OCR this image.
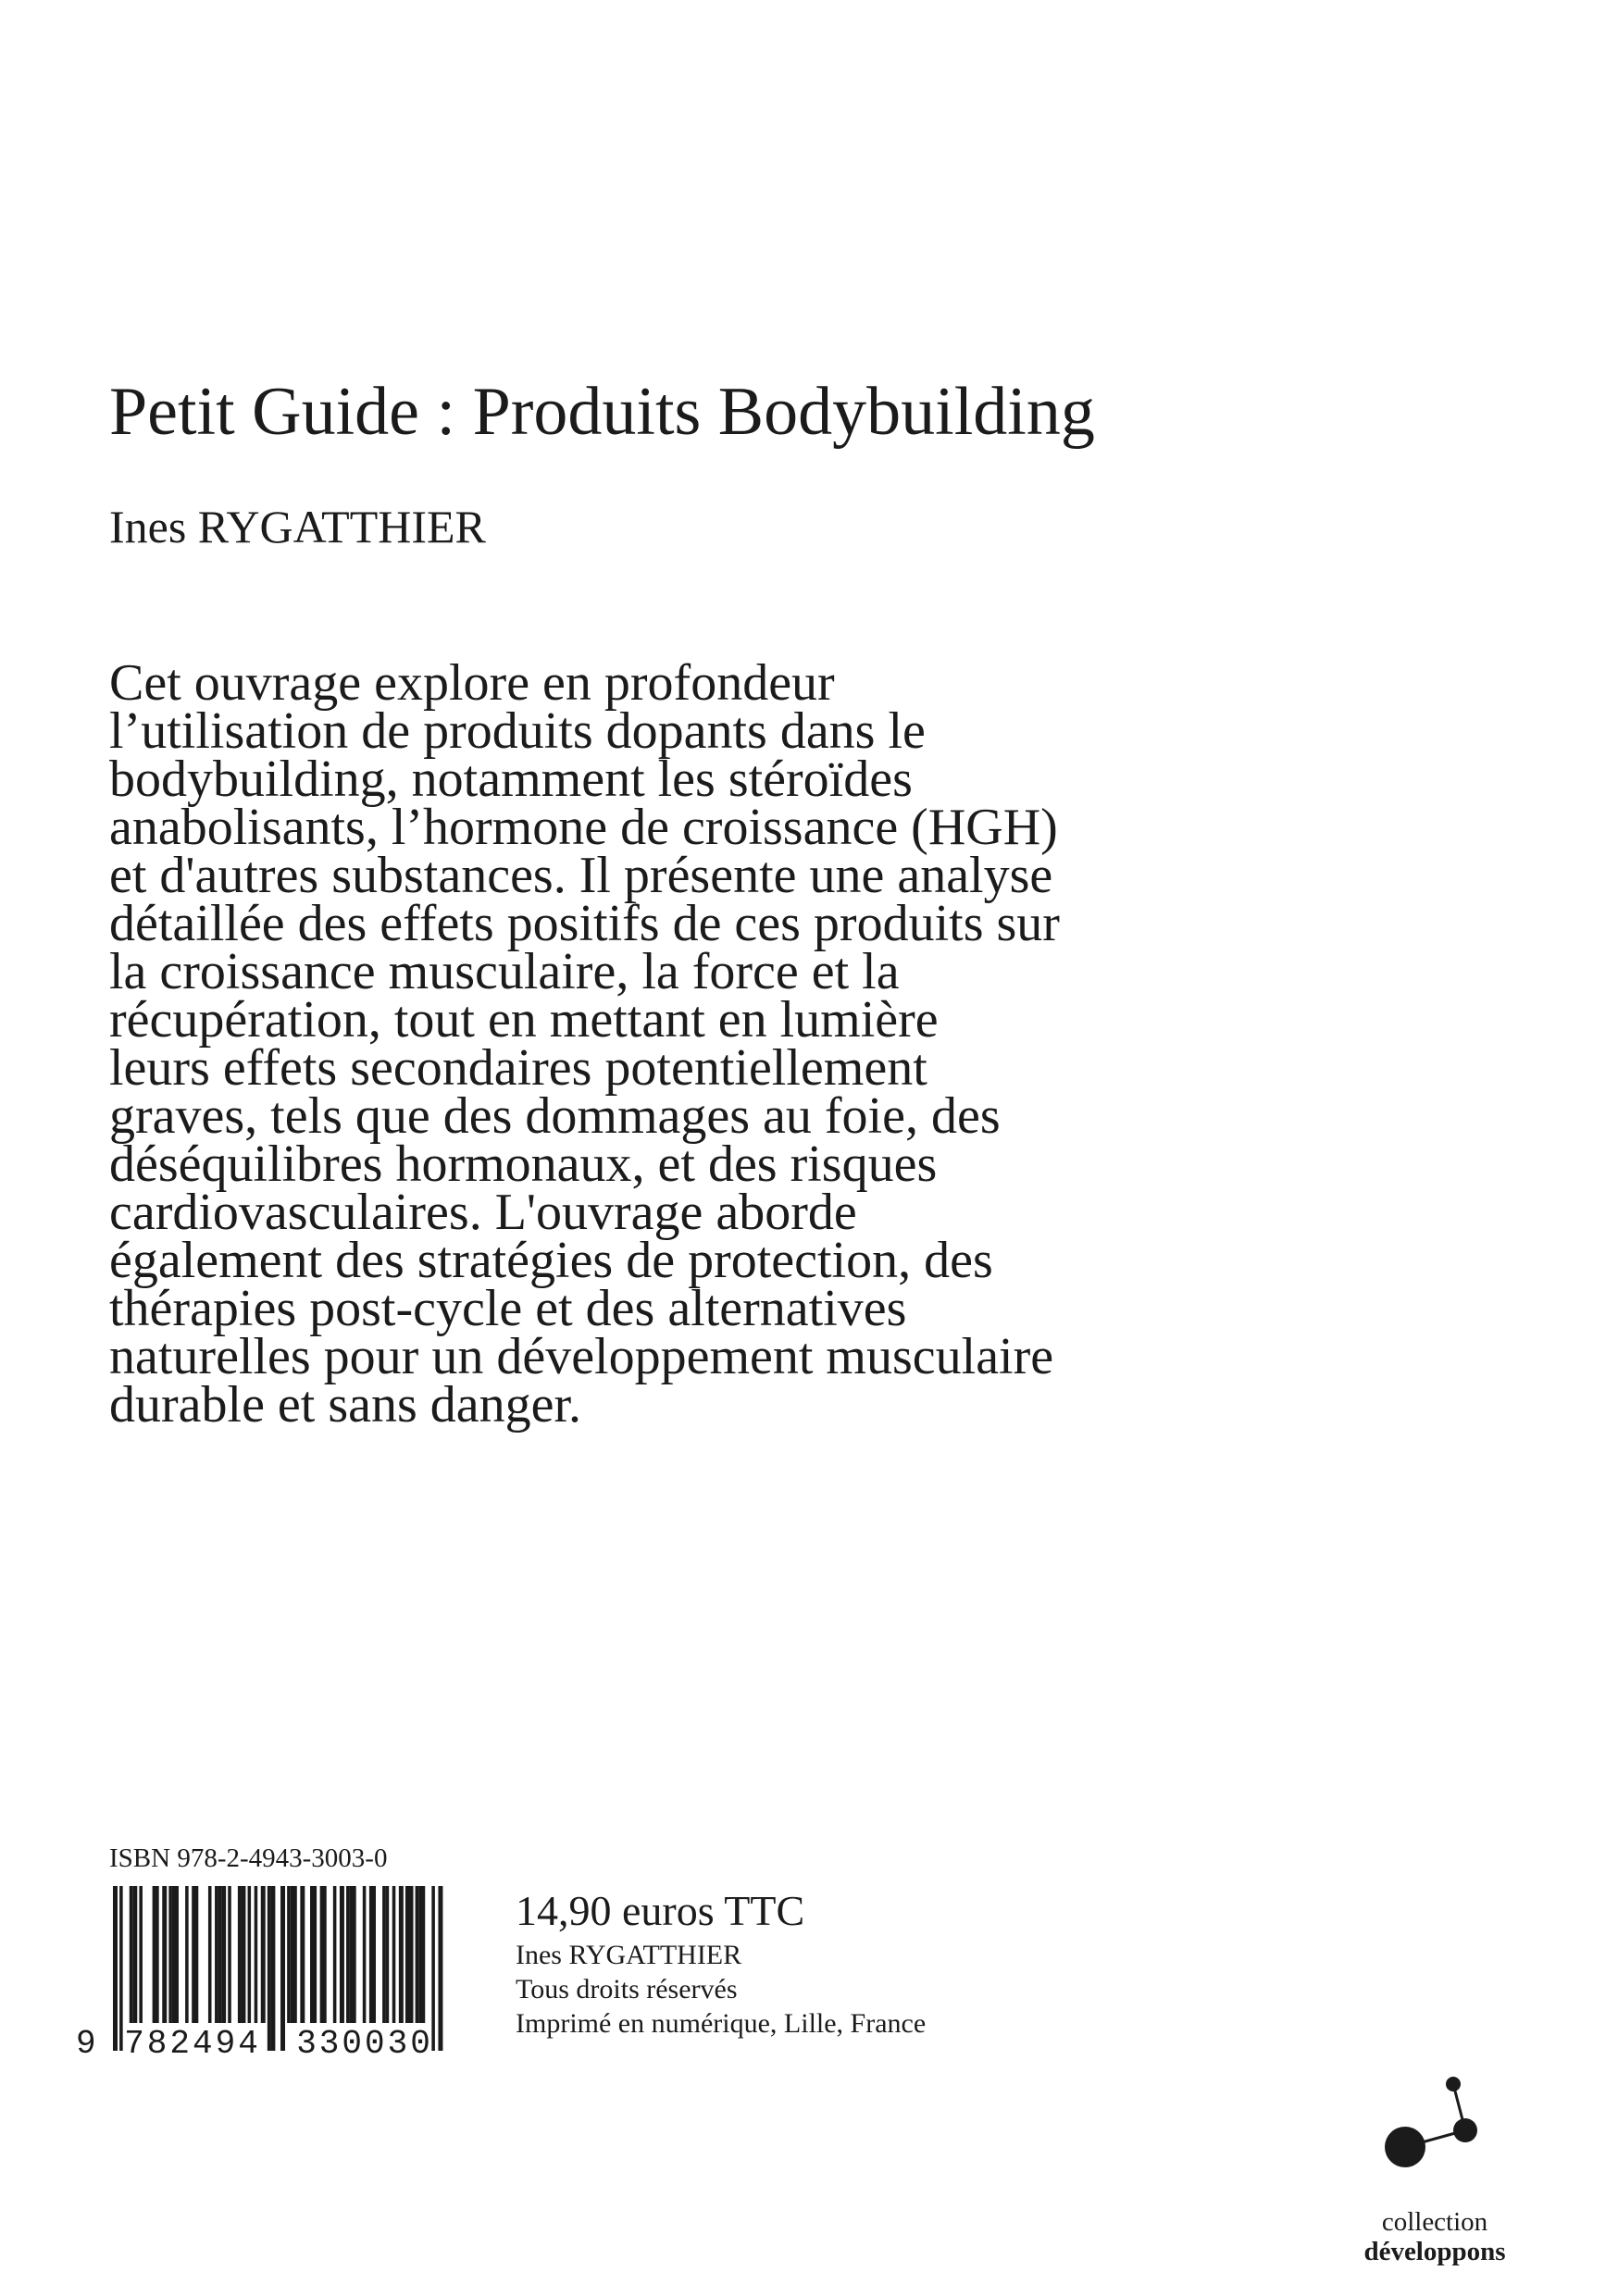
Petit Guide : Produits Bodybuilding
Ines RYGATTHIER
Cet ouvrage explore en profondeur
l’utilisation de produits dopants dans le
bodybuilding, notamment les stéroïdes
anabolisants, l’hormone de croissance (HGH)
et d'autres substances. Il présente une analyse
détaillée des effets positifs de ces produits sur
la croissance musculaire, la force et la
récupération, tout en mettant en lumière
leurs effets secondaires potentiellement
graves, tels que des dommages au foie, des
déséquilibres hormonaux, et des risques
cardiovasculaires. L'ouvrage aborde
également des stratégies de protection, des
thérapies post-cycle et des alternatives
naturelles pour un développement musculaire
durable et sans danger.
ISBN 978-2-4943-3003-0
9 782494 330030
14,90 euros TTC
Ines RYGATTHIER
Tous droits réservés
Imprimé en numérique, Lille, France
collection
développons
